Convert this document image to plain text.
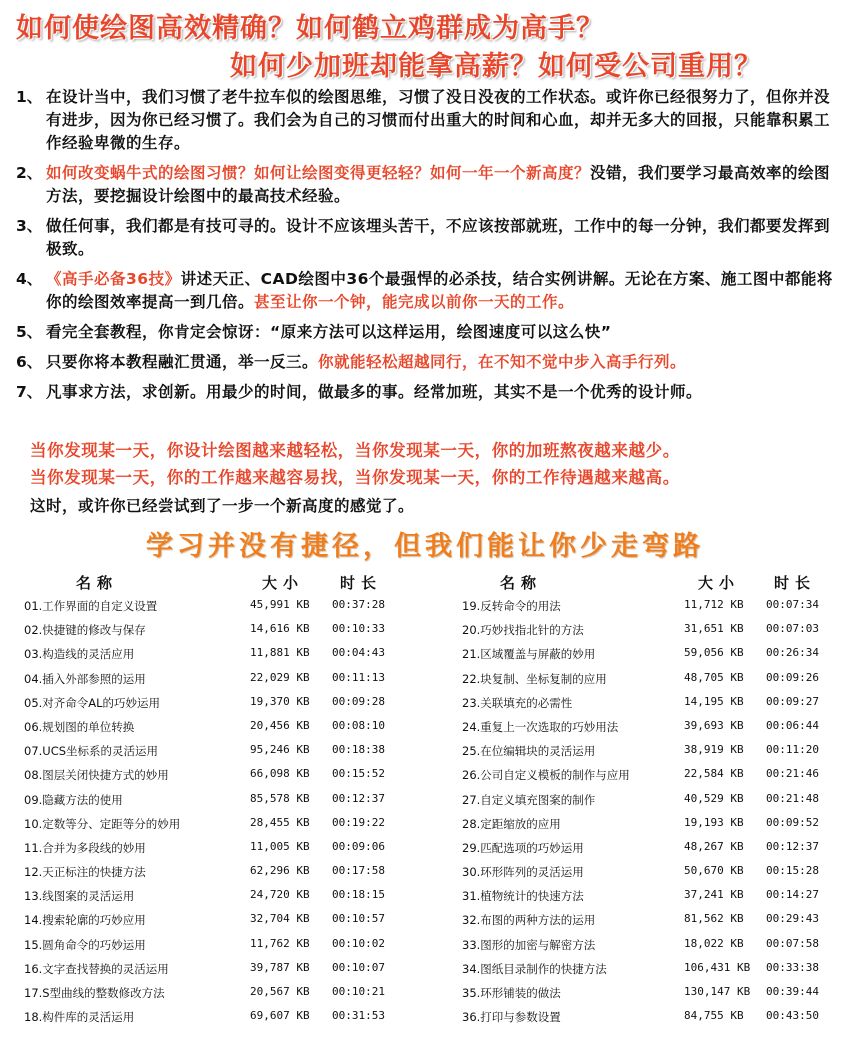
如何使绘图高效精确？如何鹤立鸡群成为高手？
如何少加班却能拿高薪？如何受公司重用？
1、 在设计当中，我们习惯了老牛拉车似的绘图思维，习惯了没日没夜的工作状态。或许你已经很努力了，但你并没有进步，因为你已经习惯了。我们会为自己的习惯而付出重大的时间和心血，却并无多大的回报，只能靠积累工作经验卑微的生存。
2、 如何改变蜗牛式的绘图习惯？如何让绘图变得更轻轻？如何一年一个新高度？没错，我们要学习最高效率的绘图方法，要挖掘设计绘图中的最高技术经验。
3、 做任何事，我们都是有技可寻的。设计不应该埋头苦干，不应该按部就班，工作中的每一分钟，我们都要发挥到极致。
4、 《高手必备36技》讲述天正、CAD绘图中36个最强悍的必杀技，结合实例讲解。无论在方案、施工图中都能将你的绘图效率提高一到几倍。甚至让你一个钟，能完成以前你一天的工作。
5、 看完全套教程，你肯定会惊讶：“原来方法可以这样运用，绘图速度可以这么快”
6、 只要你将本教程融汇贯通，举一反三。你就能轻松超越同行，在不知不觉中步入高手行列。
7、 凡事求方法，求创新。用最少的时间，做最多的事。经常加班，其实不是一个优秀的设计师。
当你发现某一天，你设计绘图越来越轻松，当你发现某一天，你的加班熬夜越来越少。
当你发现某一天，你的工作越来越容易找，当你发现某一天，你的工作待遇越来越高。
这时，或许你已经尝试到了一步一个新高度的感觉了。
学习并没有捷径，但我们能让你少走弯路
名称	大小 时长
01.工作界面的自定义设置	45,991 KB 00:37:28
02.快捷键的修改与保存	14,616 KB 00:10:33
03.构造线的灵活应用	11,881 KB 00:04:43
04.插入外部参照的运用	22,029 KB 00:11:13
05.对齐命令AL的巧妙运用	19,370 KB 00:09:28
06.规划图的单位转换	20,456 KB 00:08:10
07.UCS坐标系的灵活运用	95,246 KB 00:18:38
08.图层关闭快捷方式的妙用	66,098 KB 00:15:52
09.隐藏方法的使用	85,578 KB 00:12:37
10.定数等分、定距等分的妙用	28,455 KB 00:19:22
11.合并为多段线的妙用	11,005 KB 00:09:06
12.天正标注的快捷方法	62,296 KB 00:17:58
13.线图案的灵活运用	24,720 KB 00:18:15
14.搜索轮廓的巧妙应用	32,704 KB 00:10:57
15.圆角命令的巧妙运用	11,762 KB 00:10:02
16.文字查找替换的灵活运用	39,787 KB 00:10:07
17.S型曲线的整数修改方法	20,567 KB 00:10:21
18.构件库的灵活运用	69,607 KB 00:31:53
名称	大小 时长
19.反转命令的用法	11,712 KB 00:07:34
20.巧妙找指北针的方法	31,651 KB 00:07:03
21.区域覆盖与屏蔽的妙用	59,056 KB 00:26:34
22.块复制、坐标复制的应用	48,705 KB 00:09:26
23.关联填充的必需性	14,195 KB 00:09:27
24.重复上一次选取的巧妙用法	39,693 KB 00:06:44
25.在位编辑块的灵活运用	38,919 KB 00:11:20
26.公司自定义模板的制作与应用	22,584 KB 00:21:46
27.自定义填充图案的制作	40,529 KB 00:21:48
28.定距缩放的应用	19,193 KB 00:09:52
29.匹配选项的巧妙运用	48,267 KB 00:12:37
30.环形阵列的灵活运用	50,670 KB 00:15:28
31.植物统计的快速方法	37,241 KB 00:14:27
32.布图的两种方法的运用	81,562 KB 00:29:43
33.图形的加密与解密方法	18,022 KB 00:07:58
34.图纸目录制作的快捷方法	106,431 KB 00:33:38
35.环形铺装的做法	130,147 KB 00:39:44
36.打印与参数设置	84,755 KB 00:43:50
